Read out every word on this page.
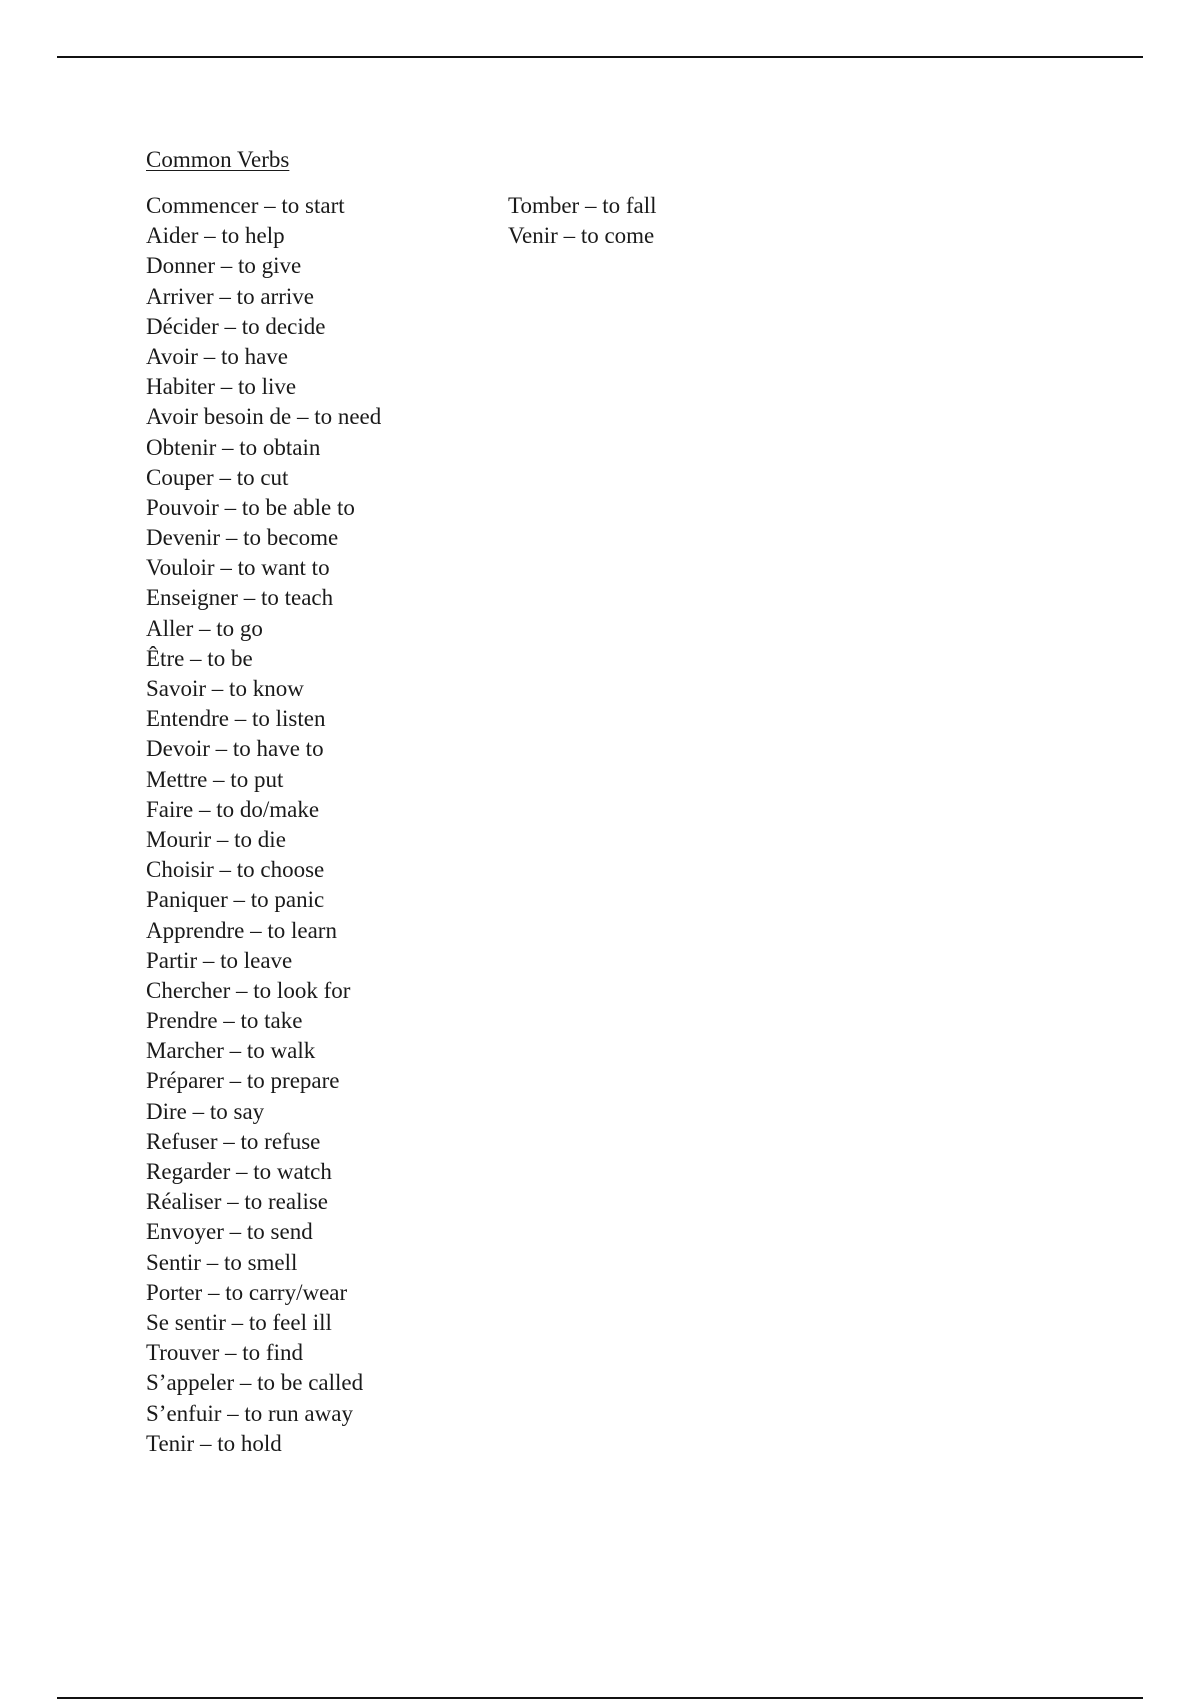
Common Verbs
Commencer – to start
Aider – to help
Donner – to give
Arriver – to arrive
Décider – to decide
Avoir – to have
Habiter – to live
Avoir besoin de – to need
Obtenir – to obtain
Couper – to cut
Pouvoir – to be able to
Devenir – to become
Vouloir – to want to
Enseigner – to teach
Aller – to go
Être – to be
Savoir – to know
Entendre – to listen
Devoir – to have to
Mettre – to put
Faire – to do/make
Mourir – to die
Choisir – to choose
Paniquer – to panic
Apprendre – to learn
Partir – to leave
Chercher – to look for
Prendre – to take
Marcher – to walk
Préparer – to prepare
Dire – to say
Refuser – to refuse
Regarder – to watch
Réaliser – to realise
Envoyer – to send
Sentir – to smell
Porter – to carry/wear
Se sentir – to feel ill
Trouver – to find
S’appeler – to be called
S’enfuir – to run away
Tenir – to hold
Tomber – to fall
Venir – to come
